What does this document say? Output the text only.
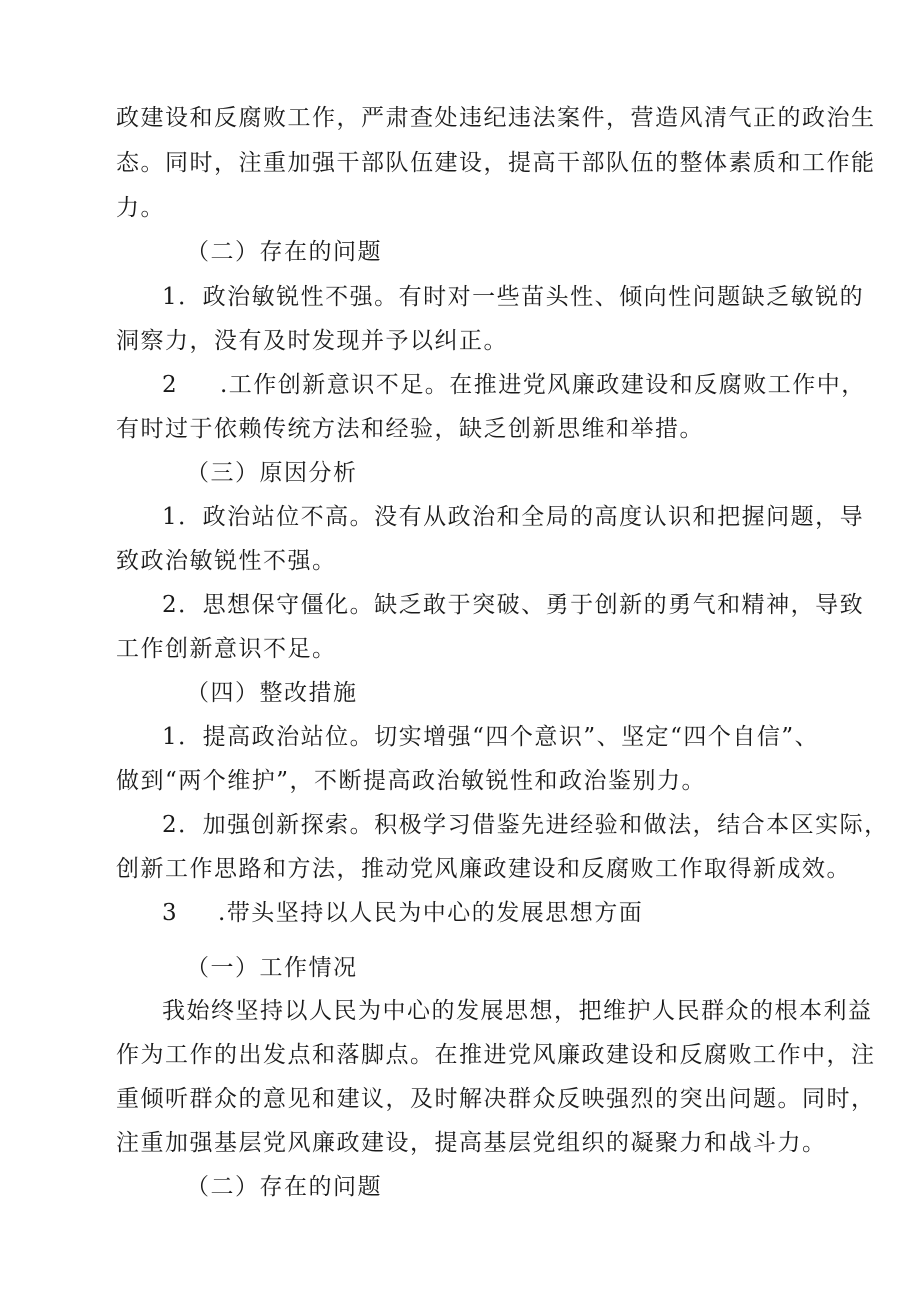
政建设和反腐败工作，严肃查处违纪违法案件，营造风清气正的政治生
态。同时，注重加强干部队伍建设，提高干部队伍的整体素质和工作能
力。
（二）存在的问题
1．政治敏锐性不强。有时对一些苗头性、倾向性问题缺乏敏锐的
洞察力，没有及时发现并予以纠正。
2 .工作创新意识不足。在推进党风廉政建设和反腐败工作中，
有时过于依赖传统方法和经验，缺乏创新思维和举措。
（三）原因分析
1．政治站位不高。没有从政治和全局的高度认识和把握问题，导
致政治敏锐性不强。
2．思想保守僵化。缺乏敢于突破、勇于创新的勇气和精神，导致
工作创新意识不足。
（四）整改措施
1．提高政治站位。切实增强“四个意识”、坚定“四个自信”、
做到“两个维护”，不断提高政治敏锐性和政治鉴别力。
2．加强创新探索。积极学习借鉴先进经验和做法，结合本区实际，
创新工作思路和方法，推动党风廉政建设和反腐败工作取得新成效。
3 .带头坚持以人民为中心的发展思想方面
（一）工作情况
我始终坚持以人民为中心的发展思想，把维护人民群众的根本利益
作为工作的出发点和落脚点。在推进党风廉政建设和反腐败工作中，注
重倾听群众的意见和建议，及时解决群众反映强烈的突出问题。同时，
注重加强基层党风廉政建设，提高基层党组织的凝聚力和战斗力。
（二）存在的问题
